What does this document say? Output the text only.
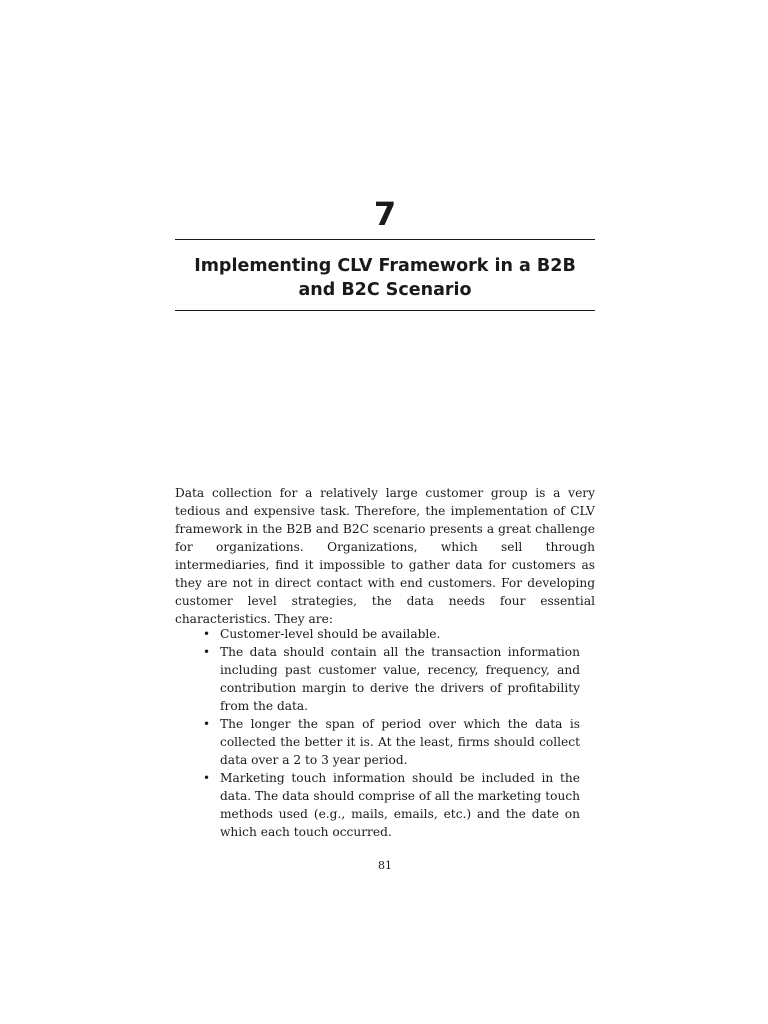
7
Implementing CLV Framework in a B2B and B2C Scenario

Data collection for a relatively large customer group is a very tedious and expensive task. Therefore, the implementation of CLV framework in the B2B and B2C scenario presents a great challenge for organizations. Organizations, which sell through intermediaries, find it impossible to gather data for customers as they are not in direct contact with end customers. For developing customer level strategies, the data needs four essential characteristics. They are:

• Customer-level should be available.
• The data should contain all the transaction information including past customer value, recency, frequency, and contribution margin to derive the drivers of profitability from the data.
• The longer the span of period over which the data is collected the better it is. At the least, firms should collect data over a 2 to 3 year period.
• Marketing touch information should be included in the data. The data should comprise of all the marketing touch methods used (e.g., mails, emails, etc.) and the date on which each touch occurred.
81
